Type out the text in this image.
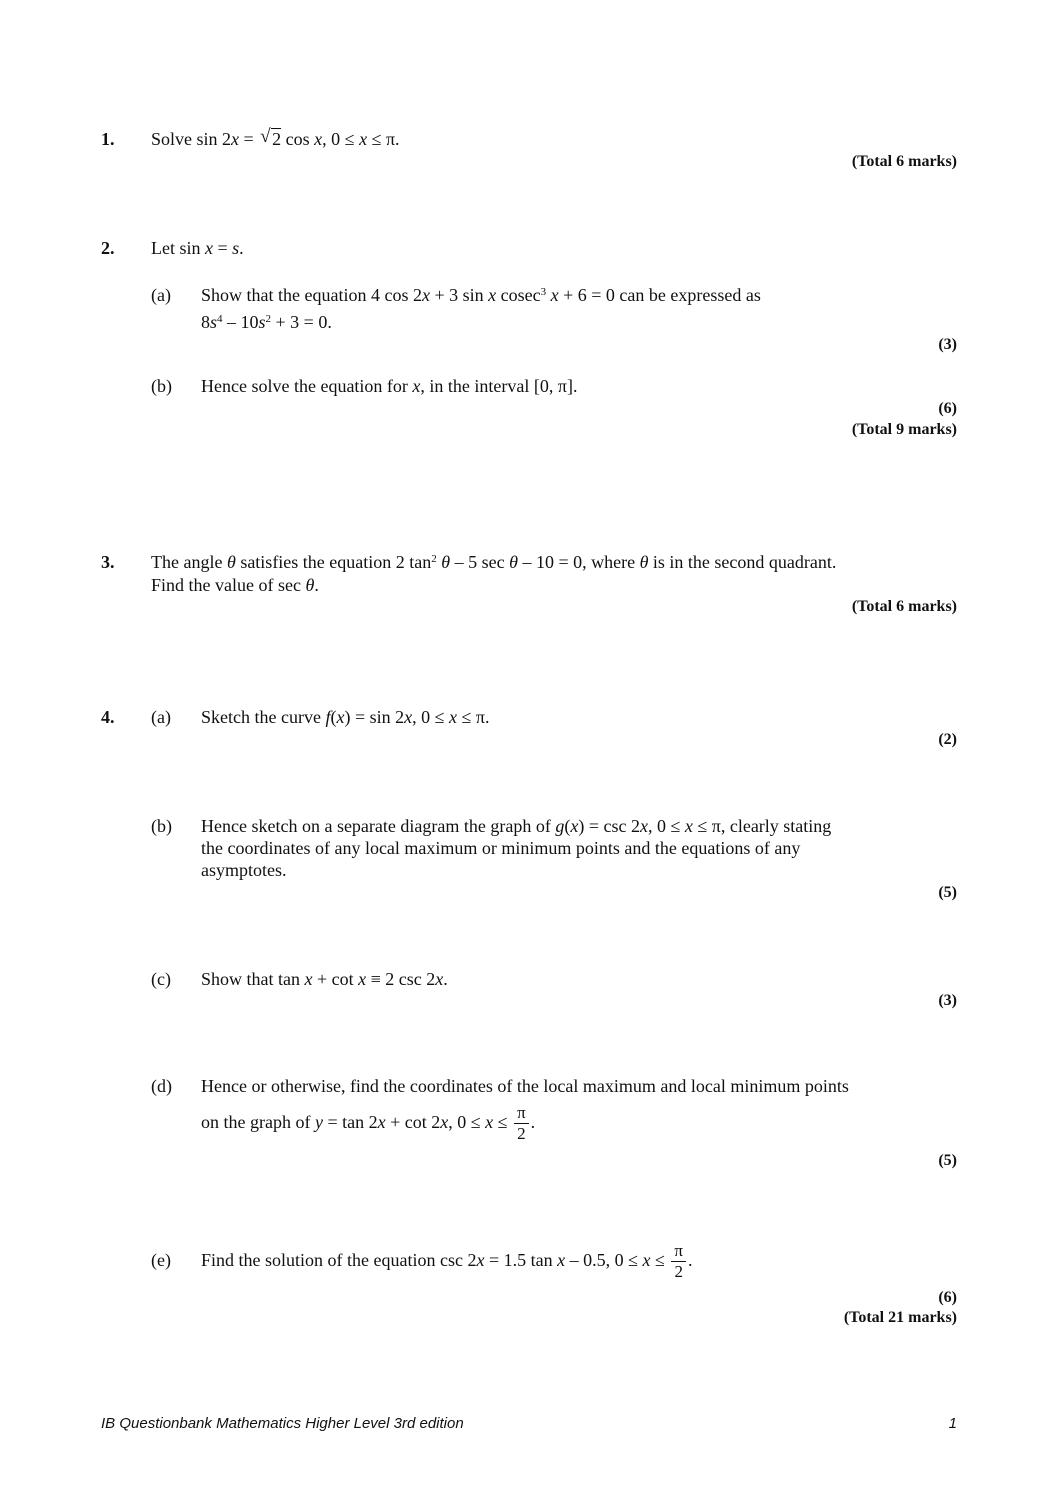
1. Solve sin 2x = √ 2 cos x, 0 ≤ x ≤ π.
(Total 6 marks)
2. Let sin x = s.
(a) Show that the equation 4 cos 2x + 3 sin x cosec$^3$ x + 6 = 0 can be expressed as
$8s^4 - 10s^2 + 3 = 0$.
(3)
(b) Hence solve the equation for x, in the interval [0, π].
(6)
(Total 9 marks)
3. The angle θ satisfies the equation 2 $\tan^2 \theta - 5$ sec θ – 10 = 0, where θ is in the second quadrant.
Find the value of sec θ.
(Total 6 marks)
4. (a) Sketch the curve f(x) = sin 2x, 0 ≤ x ≤ π.
(2)
(b) Hence sketch on a separate diagram the graph of g(x) = csc 2x, 0 ≤ x ≤ π, clearly stating
the coordinates of any local maximum or minimum points and the equations of any
asymptotes.
(5)
(c) Show that tan x + cot x ≡ 2 csc 2x.
(3)
(d) Hence or otherwise, find the coordinates of the local maximum and local minimum points
on the graph of y = tan 2x + cot 2x, $0 \le x \le \frac{\pi}{2}$ .
(5)
(e) Find the solution of the equation csc 2x = 1.5 tan x – 0.5, $0 \le x \le \frac{\pi}{2}$ .
(6)
(Total 21 marks)
IB Questionbank Mathematics Higher Level 3rd edition	1
